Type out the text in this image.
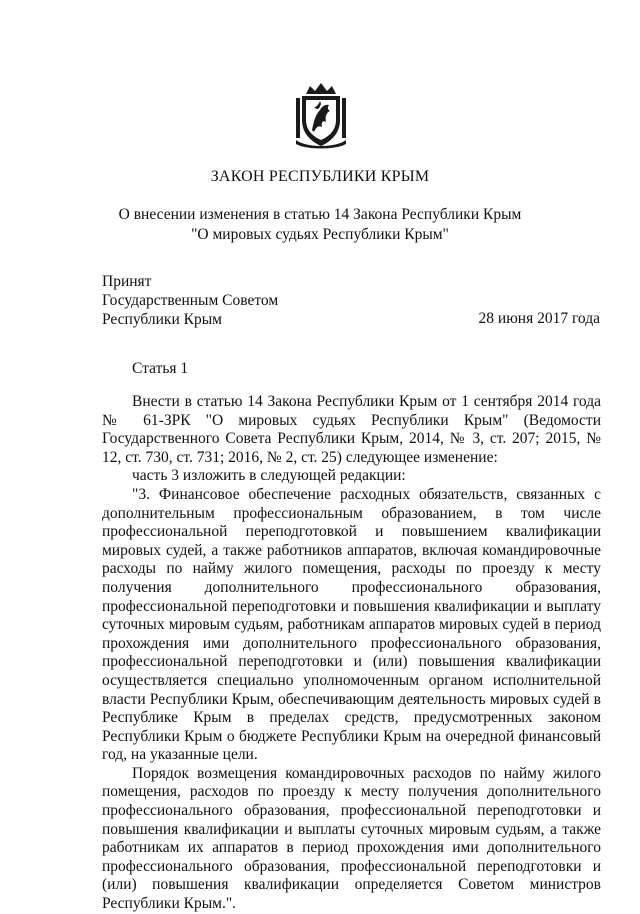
ЗАКОН РЕСПУБЛИКИ КРЫМ
О внесении изменения в статью 14 Закона Республики Крым
"О мировых судьях Республики Крым"
Принят
Государственным Советом
Республики Крым	28 июня 2017 года
Статья 1

Внести в статью 14 Закона Республики Крым от 1 сентября 2014 года № 61-ЗРК "О мировых судьях Республики Крым" (Ведомости Государственного Совета Республики Крым, 2014, № 3, ст. 207; 2015, № 12, ст. 730, ст. 731; 2016, № 2, ст. 25) следующее изменение:

часть 3 изложить в следующей редакции:

"3. Финансовое обеспечение расходных обязательств, связанных с дополнительным профессиональным образованием, в том числе профессиональной переподготовкой и повышением квалификации мировых судей, а также работников аппаратов, включая командировочные расходы по найму жилого помещения, расходы по проезду к месту получения дополнительного профессионального образования, профессиональной переподготовки и повышения квалификации и выплату суточных мировым судьям, работникам аппаратов мировых судей в период прохождения ими дополнительного профессионального образования, профессиональной переподготовки и (или) повышения квалификации осуществляется специально уполномоченным органом исполнительной власти Республики Крым, обеспечивающим деятельность мировых судей в Республике Крым в пределах средств, предусмотренных законом Республики Крым о бюджете Республики Крым на очередной финансовый год, на указанные цели.

Порядок возмещения командировочных расходов по найму жилого помещения, расходов по проезду к месту получения дополнительного профессионального образования, профессиональной переподготовки и повышения квалификации и выплаты суточных мировым судьям, а также работникам их аппаратов в период прохождения ими дополнительного профессионального образования, профессиональной переподготовки и (или) повышения квалификации определяется Советом министров Республики Крым.".
